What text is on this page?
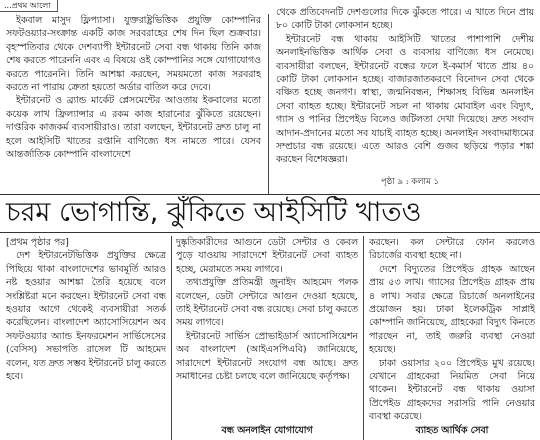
...প্রথম আলো

ইকবাল মাসুদ ফ্লিপ্যাসা। যুক্তরাষ্ট্রভিত্তিক প্রযুক্তি কোম্পানির সফটওয়্যার-সংক্রান্ত একটি কাজ সরবরাহের শেষ দিন ছিল শুক্রবার। বৃহস্পতিবার থেকে দেশব্যাপী ইন্টারনেট সেবা বন্ধ থাকায় তিনি কাজ শেষ করতে পারেননি এবং এ বিষয়ে ওই কোম্পানির সঙ্গে যোগাযোগও করতে পারেননি। তিনি আশঙ্কা করছেন, সময়মতো কাজ সরবরাহ করতে না পারায় ক্রেতা হয়তো অর্ডার বাতিল করে দেবে।

ইন্টারনেট ও ব্র্যান্ড মার্কেট প্লেসমেন্টের আওতায় ইকবালের মতো কয়েক লাখ ফ্রিল্যান্সার এ রকম কাজ হারানোর ঝুঁকিতে রয়েছেন। দাপ্তরিক কাজকর্ম ব্যবসায়ীরাও। তারা বলছেন, ইন্টারনেট দ্রুত চালু না হলে আইসিটি খাতের রপ্তানি বাণিজ্যে ধস নামতে পারে। যেসব আন্তর্জাতিক কোম্পানি বাংলাদেশে

থেকে প্রতিবেদনটি দেশগুলোর দিকে ঝুঁকতে পারে। এ খাতে দিনে প্রায় ৮০ কোটি টাকা লোকসান হচ্ছে।

ইন্টারনেট বন্ধ থাকায় আইসিটি খাতের পাশাপাশি দেশীয় অনলাইনভিত্তিক আর্থিক সেবা ও ব্যবসায় বাণিজ্যে ধস নেমেছে। ব্যবসায়ীরা বলছেন, ইন্টারনেট বন্ধের ফলে ই-কমার্স খাতে প্রায় ৪০ কোটি টাকা লোকসান হচ্ছে। বাজারজাতকরণে বিনোদন সেবা থেকে বঞ্চিত হচ্ছে জনগণ। স্বাস্থ্য, জন্মনিবন্ধন, শিক্ষাসহ বিভিন্ন অনলাইন সেবা ব্যাহত হচ্ছে। ইন্টারনেট সচল না থাকায় মোবাইল এবং বিদ্যুৎ, গ্যাস ও পানির প্রিপেইড বিলেও জটিলতা দেখা দিয়েছে। দ্রুত সংবাদ আদান-প্রদানের মতো সব যাচাই ব্যাহত হচ্ছে। অনলাইন সংবাদমাধ্যমের সম্প্রচার বন্ধ রয়েছে। এতে আরও বেশি গুজব ছড়িয়ে পড়ার শঙ্কা করছেন বিশেষজ্ঞরা।

পৃষ্ঠা ৯ : কলাম ১
চরম ভোগান্তি, ঝুঁকিতে আইসিটি খাতও

[প্রথম পৃষ্ঠার পর]

দেশ ইন্টারনেটভিত্তিক প্রযুক্তির ক্ষেত্রে পিছিয়ে থাকা বাংলাদেশের ভাবমূর্তি আরও নষ্ট হওয়ার আশঙ্কা তৈরি হয়েছে বলে সংশ্লিষ্টরা মনে করছেন। ইন্টারনেট সেবা বন্ধ হওয়ার আগে থেকেই ব্যবসায়ীরা সতর্ক করেছিলেন। বাংলাদেশ অ্যাসোসিয়েশন অব সফটওয়্যার অ্যান্ড ইনফরমেশন সার্ভিসেসের (বেসিস) সভাপতি রাসেল টি আহমেদ বলেন, যত দ্রুত সম্ভব ইন্টারনেট চালু করতে হবে।

দুষ্কৃতিকারীদের আগুনে ডেটা সেন্টার ও কেবল পুড়ে যাওয়ায় সারাদেশে ইন্টারনেট সেবা ব্যাহত হচ্ছে, মেরামতে সময় লাগবে।

তথ্যপ্রযুক্তি প্রতিমন্ত্রী জুনাইদ আহমেদ পলক বলেছেন, ডেটা সেন্টারে আগুন দেওয়া হয়েছে, তাই ইন্টারনেট সেবা বন্ধ রয়েছে। সেবা চালু করতে সময় লাগবে।

ইন্টারনেট সার্ভিস প্রোভাইডার্স অ্যাসোসিয়েশন অব বাংলাদেশ (আইএসপিএবি) জানিয়েছে, সারাদেশে ইন্টারনেট সংযোগ বন্ধ আছে। দ্রুত সমাধানের চেষ্টা চলছে বলে জানিয়েছে কর্তৃপক্ষ।

বন্ধ অনলাইন যোগাযোগ

করছেন। কল সেন্টারে ফোন করলেও রিচার্জের ব্যবস্থা হচ্ছে না।

দেশে বিদ্যুতের প্রিপেইড গ্রাহক আছেন প্রায় ৫৩ লাখ। গ্যাসের প্রিপেইড গ্রাহক প্রায় ৪ লাখ। সবার ক্ষেত্রে রিচার্জে অনলাইনের প্রয়োজন হয়। ঢাকা ইলেকট্রিক সাপ্লাই কোম্পানি জানিয়েছে, গ্রাহকেরা বিদ্যুৎ কিনতে পারছেন না, তাই জরুরি ব্যবস্থা নেওয়া হয়েছে।

ঢাকা ওয়াসার ২০০ প্রিপেইড মুখ রয়েছে। যেখানে গ্রাহকেরা নিয়মিত সেবা নিয়ে থাকেন। ইন্টারনেট বন্ধ থাকায় ওয়াসা প্রিপেইড গ্রাহকদের সরাসরি পানি নেওয়ার ব্যবস্থা করেছে।

ব্যাহত আর্থিক সেবা
